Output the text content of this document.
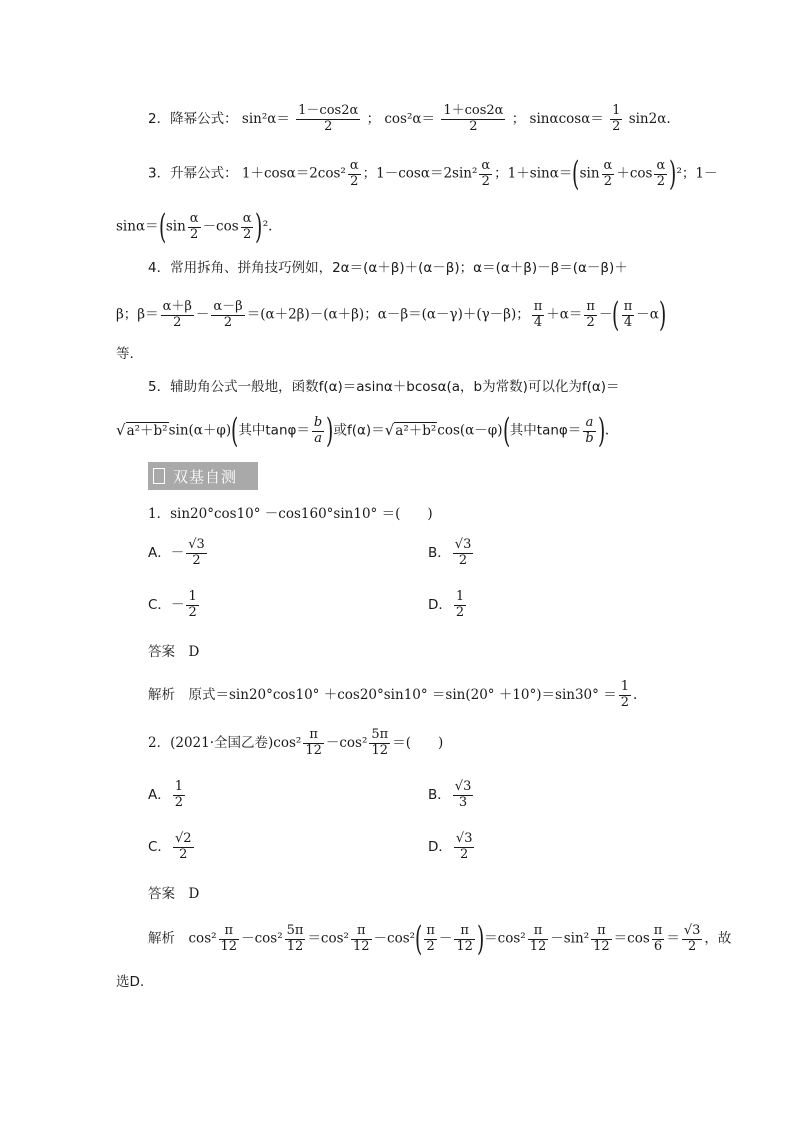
2．降幂公式： $\sin^2\alpha= \frac{1-\cos 2\alpha}{2}$ ； $\cos^2\alpha= \frac{1+\cos 2\alpha}{2}$ ； $\sin\alpha\cos\alpha= \frac{1}{2} \sin 2\alpha$.
3．升幂公式： $1+\cos\alpha=2\cos^2 \frac{\alpha}{2}$ ；$1-\cos\alpha=2\sin^2 \frac{\alpha}{2}$ ；$1+\sin\alpha=(\sin \frac{\alpha}{2} +\cos \frac{\alpha}{2} )^2$；1－
$\sin\alpha=(\sin \frac{\alpha}{2} -\cos \frac{\alpha}{2} )^2$.
4．常用拆角、拼角技巧例如，2α＝(α＋β)＋(α－β)；α＝(α＋β)－β＝(α－β)＋
β；$\beta= \frac{\alpha+\beta}{2} - \frac{\alpha-\beta}{2} =(\alpha+2\beta)-(\alpha+\beta)$；α－β＝(α－γ)＋(γ－β)； $\frac{\pi}{4} +\alpha= \frac{\pi}{2}$ －( $\frac{\pi}{4} -\alpha$)
等.
5．辅助角公式一般地，函数f(α)＝asinα＋bcosα(a，b为常数)可以化为f(α)＝
√a²＋b²sin(α＋φ)(其中$\tan\varphi= \frac{b}{a}$ )或f(α)＝√a²＋b²cos(α－φ)(其中$\tan\varphi= \frac{a}{b}$ ).
双基自测
1．sin20°cos10° －cos160°sin10° ＝(　　)
A．－ $\frac{√3}{2}$	B． $\frac{√3}{2}$
C．－ $\frac{1}{2}$	D． $\frac{1}{2}$
答案　 D
解析　 原式$=\sin 20^\circ\cos 10^\circ +\cos 20^\circ\sin 10^\circ =\sin(20^\circ +10^\circ)=\sin 30^\circ = \frac{1}{2}$ .
2．(2021·全国乙卷)$\cos^2 \frac{\pi}{12} -\cos^2 \frac{5\pi}{12}$ ＝(　　)
A． $\frac{1}{2}$	B． $\frac{√3}{3}$
C． $\frac{√2}{2}$	D． $\frac{√3}{2}$
答案　 D
解析　 $\cos^2 \frac{\pi}{12} -\cos^2 \frac{5\pi}{12} =\cos^2 \frac{\pi}{12} -\cos^2( \frac{\pi}{2} - \frac{\pi}{12} )=\cos^2 \frac{\pi}{12} -\sin^2 \frac{\pi}{12} =\cos \frac{\pi}{6} = \frac{√3}{2}$ ，故
选D.
